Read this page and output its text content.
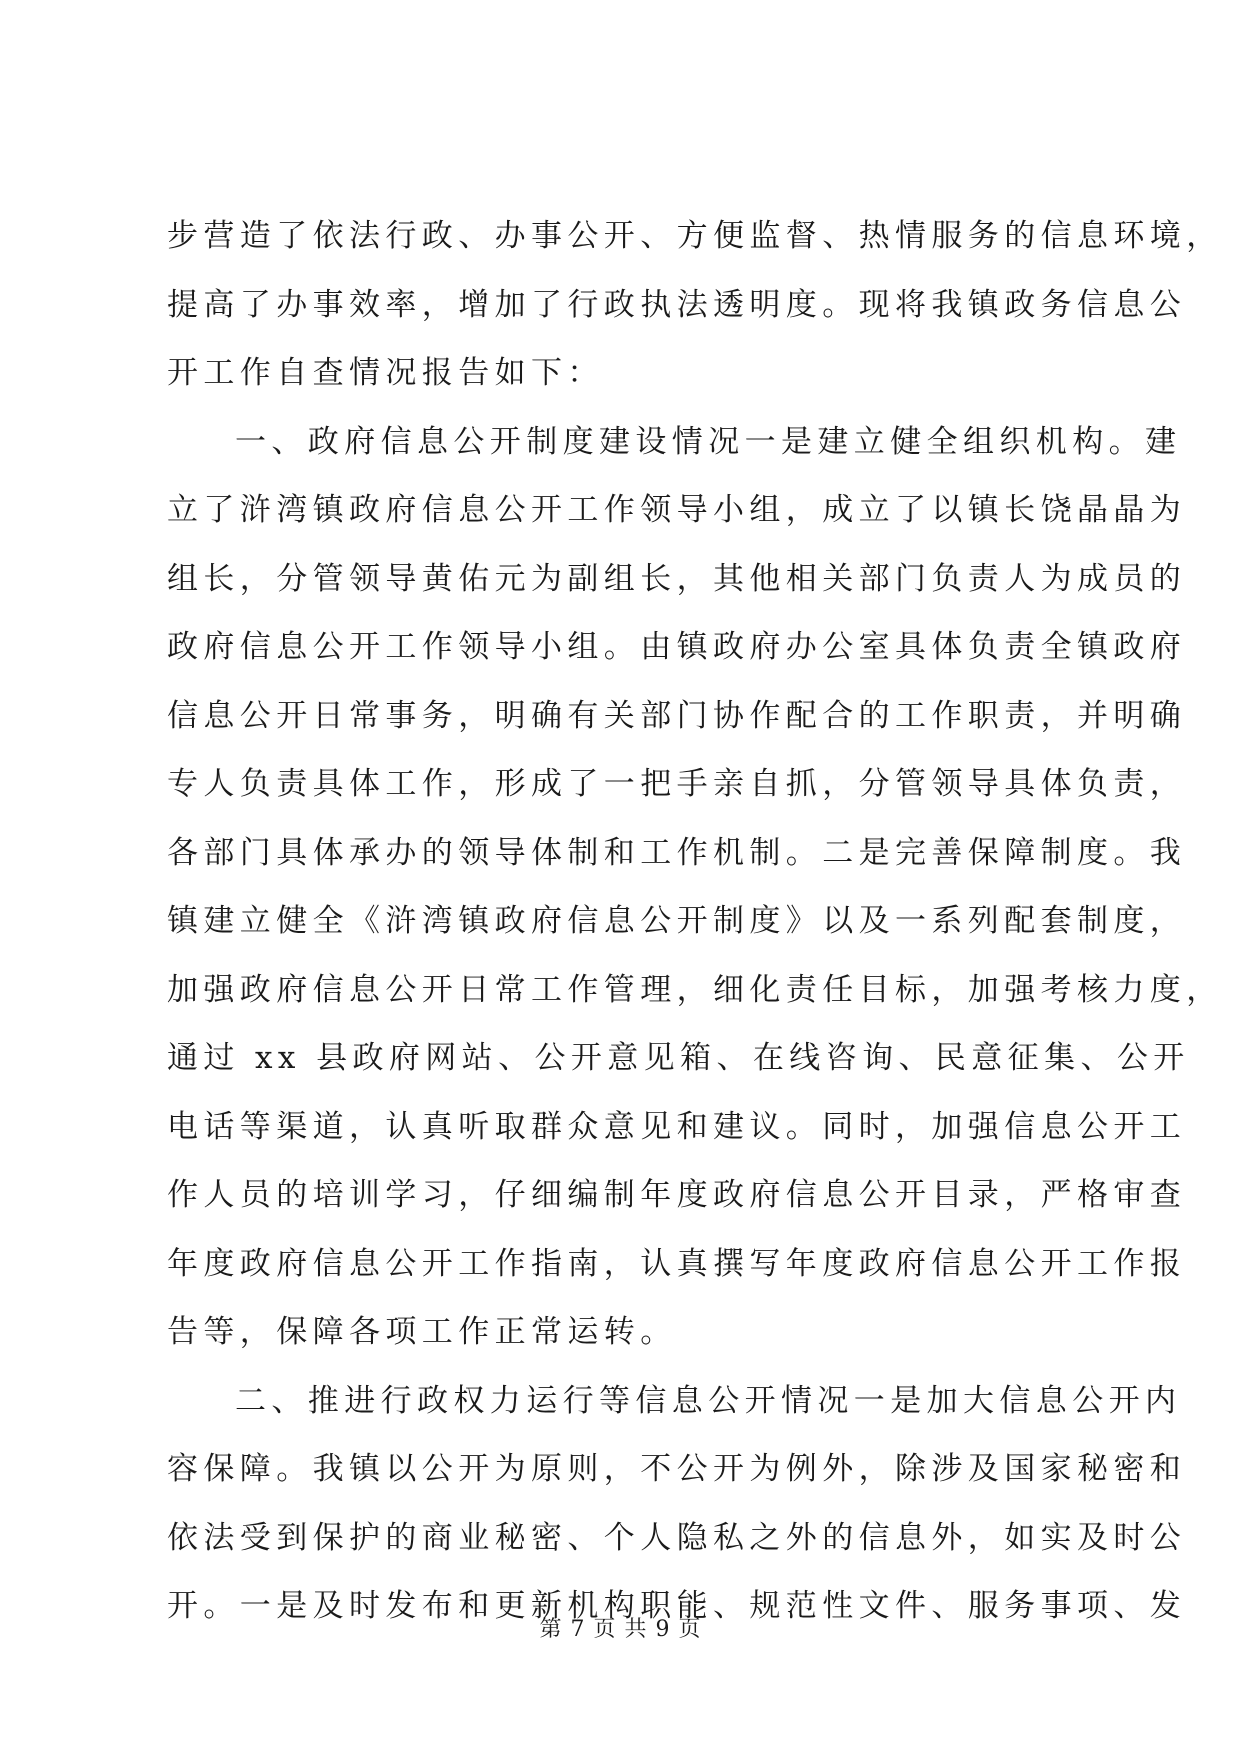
步营造了依法行政、办事公开、方便监督、热情服务的信息环境，
提高了办事效率，增加了行政执法透明度。现将我镇政务信息公
开工作自查情况报告如下：
一、政府信息公开制度建设情况一是建立健全组织机构。建
立了浒湾镇政府信息公开工作领导小组，成立了以镇长饶晶晶为
组长，分管领导黄佑元为副组长，其他相关部门负责人为成员的
政府信息公开工作领导小组。由镇政府办公室具体负责全镇政府
信息公开日常事务，明确有关部门协作配合的工作职责，并明确
专人负责具体工作，形成了一把手亲自抓，分管领导具体负责，
各部门具体承办的领导体制和工作机制。二是完善保障制度。我
镇建立健全《浒湾镇政府信息公开制度》以及一系列配套制度，
加强政府信息公开日常工作管理，细化责任目标，加强考核力度，
通过 xx 县政府网站、公开意见箱、在线咨询、民意征集、公开
电话等渠道，认真听取群众意见和建议。同时，加强信息公开工
作人员的培训学习，仔细编制年度政府信息公开目录，严格审查
年度政府信息公开工作指南，认真撰写年度政府信息公开工作报
告等，保障各项工作正常运转。
二、推进行政权力运行等信息公开情况一是加大信息公开内
容保障。我镇以公开为原则，不公开为例外，除涉及国家秘密和
依法受到保护的商业秘密、个人隐私之外的信息外，如实及时公
开。一是及时发布和更新机构职能、规范性文件、服务事项、发
第 7 页 共 9 页
